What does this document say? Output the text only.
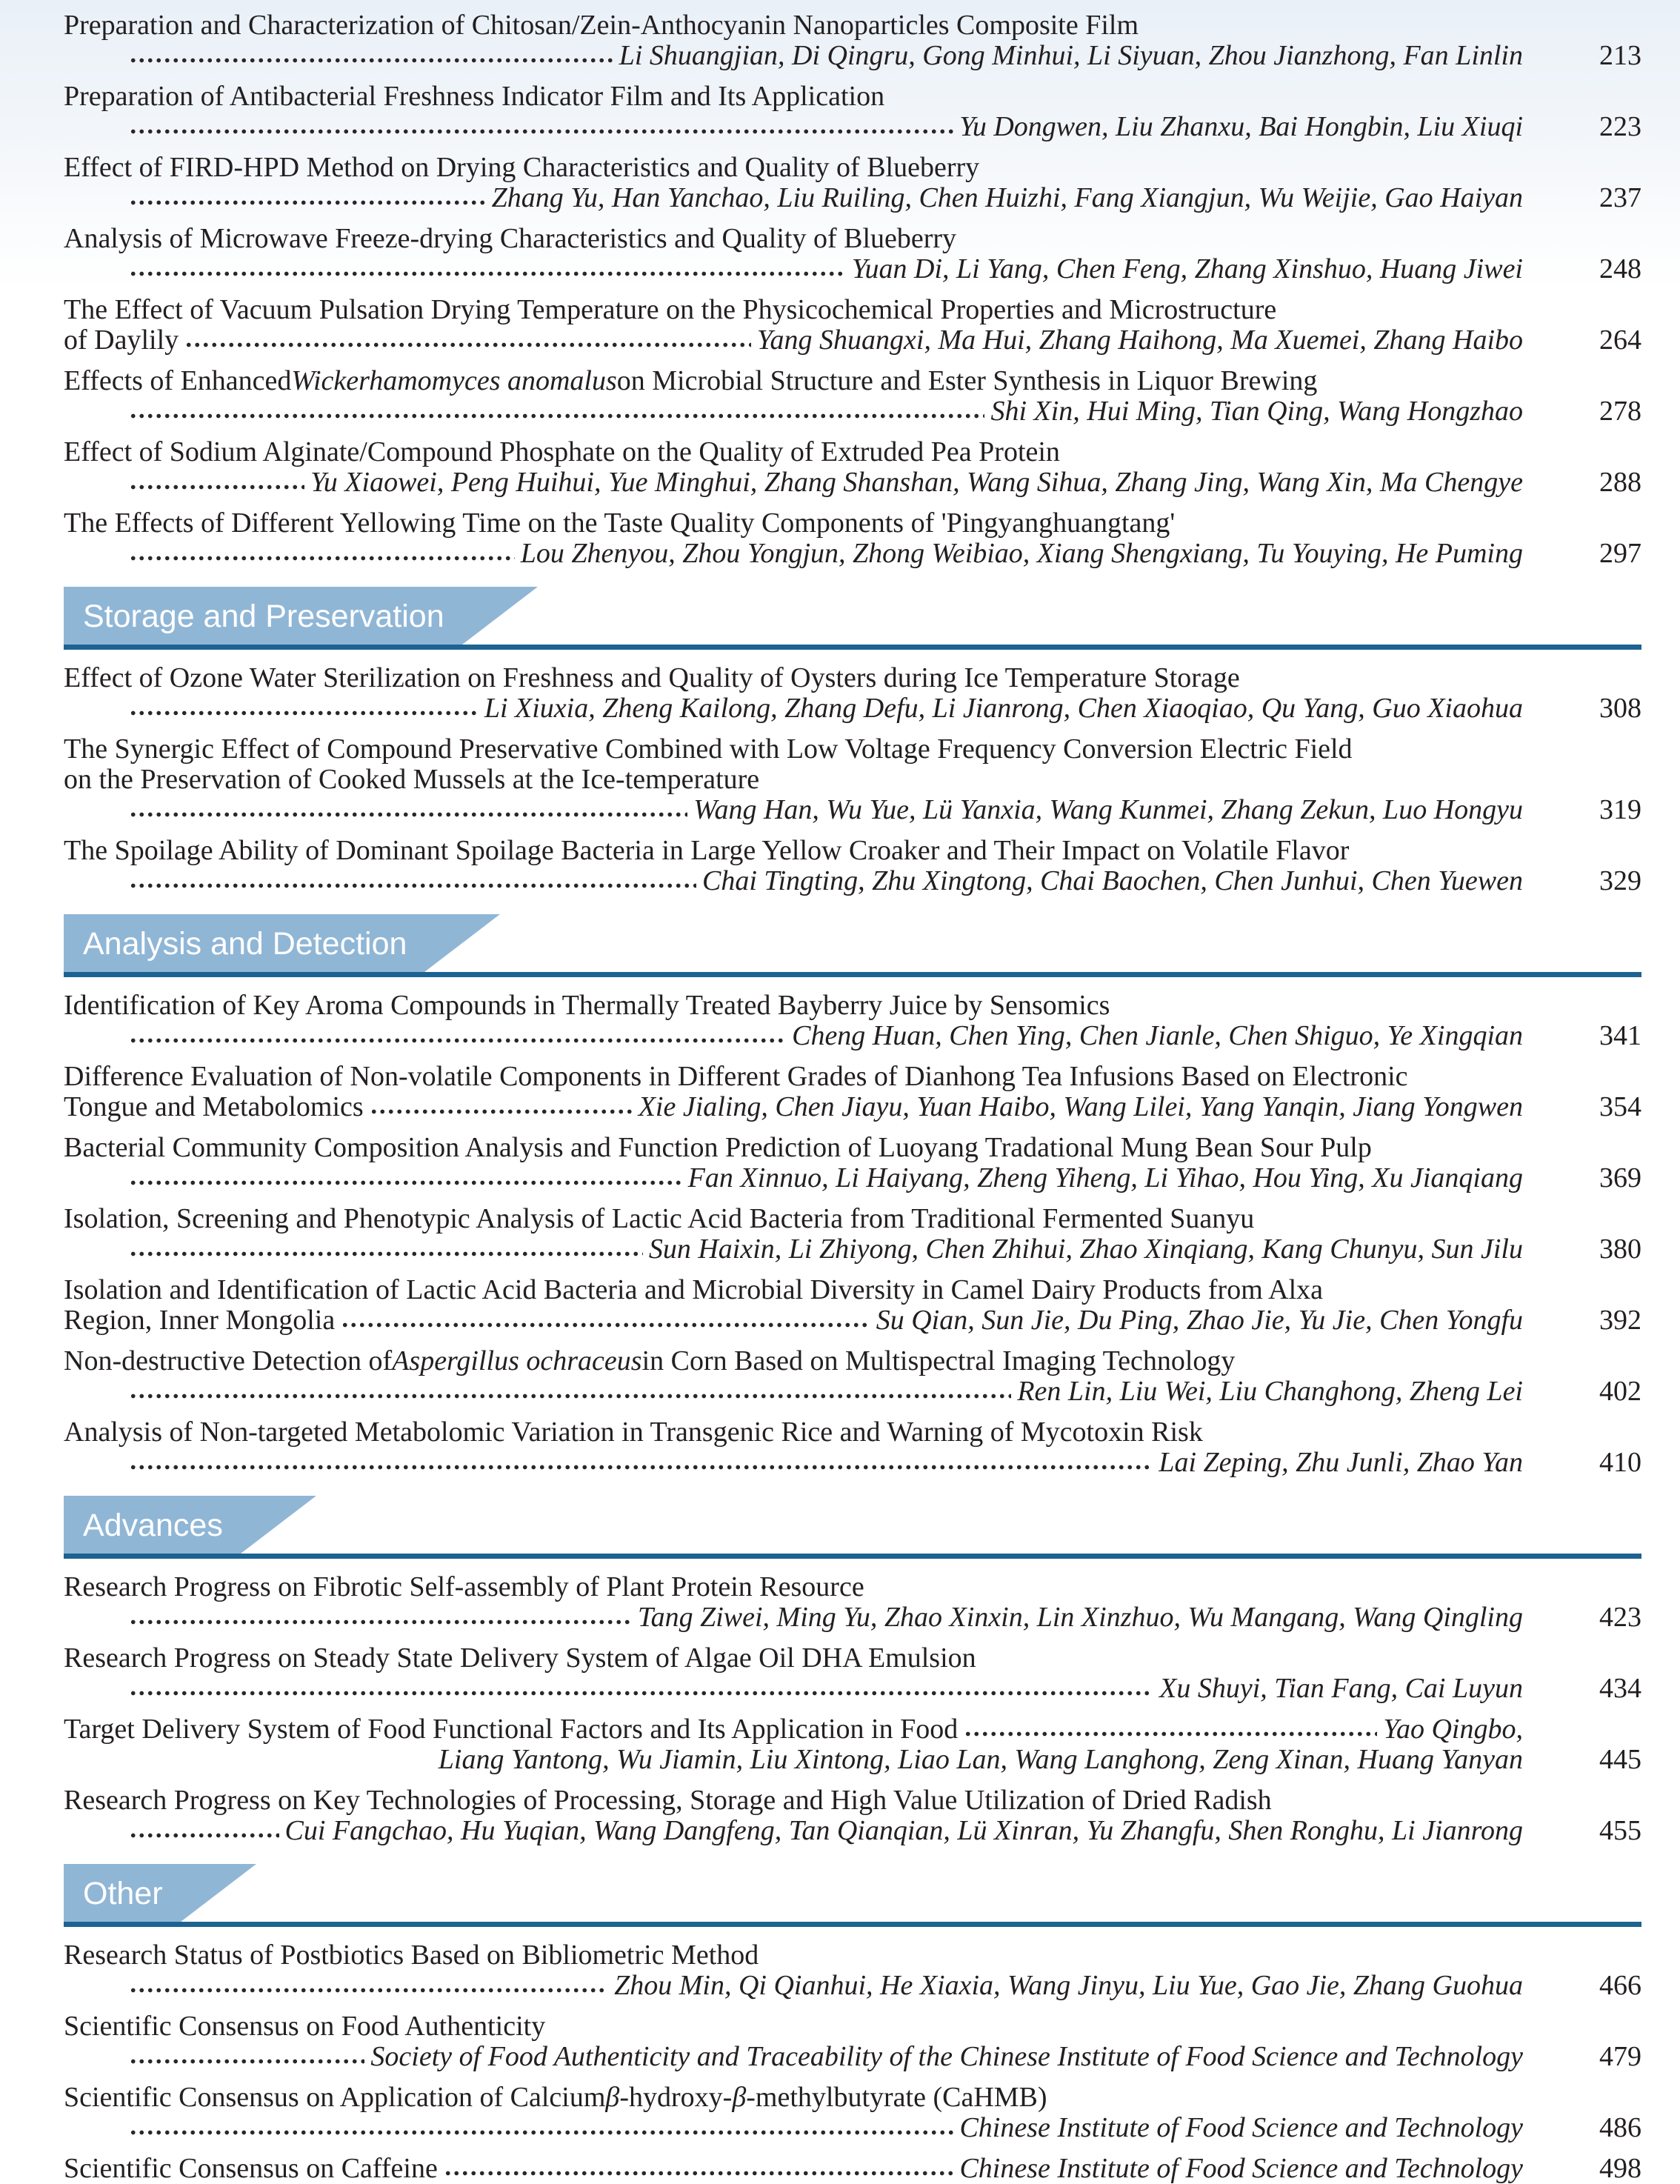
Preparation and Characterization of Chitosan/Zein-Anthocyanin Nanoparticles Composite Film
Li Shuangjian, Di Qingru, Gong Minhui, Li Siyuan, Zhou Jianzhong, Fan Linlin	213
Preparation of Antibacterial Freshness Indicator Film and Its Application
Yu Dongwen, Liu Zhanxu, Bai Hongbin, Liu Xiuqi	223
Effect of FIRD-HPD Method on Drying Characteristics and Quality of Blueberry
Zhang Yu, Han Yanchao, Liu Ruiling, Chen Huizhi, Fang Xiangjun, Wu Weijie, Gao Haiyan	237
Analysis of Microwave Freeze-drying Characteristics and Quality of Blueberry
Yuan Di, Li Yang, Chen Feng, Zhang Xinshuo, Huang Jiwei	248
The Effect of Vacuum Pulsation Drying Temperature on the Physicochemical Properties and Microstructure
of Daylily	Yang Shuangxi, Ma Hui, Zhang Haihong, Ma Xuemei, Zhang Haibo	264
Effects of Enhanced Wickerhamomyces anomalus on Microbial Structure and Ester Synthesis in Liquor Brewing
Shi Xin, Hui Ming, Tian Qing, Wang Hongzhao	278
Effect of Sodium Alginate/Compound Phosphate on the Quality of Extruded Pea Protein
Yu Xiaowei, Peng Huihui, Yue Minghui, Zhang Shanshan, Wang Sihua, Zhang Jing, Wang Xin, Ma Chengye	288
The Effects of Different Yellowing Time on the Taste Quality Components of 'Pingyanghuangtang'
Lou Zhenyou, Zhou Yongjun, Zhong Weibiao, Xiang Shengxiang, Tu Youying, He Puming	297
Storage and Preservation
Effect of Ozone Water Sterilization on Freshness and Quality of Oysters during Ice Temperature Storage
Li Xiuxia, Zheng Kailong, Zhang Defu, Li Jianrong, Chen Xiaoqiao, Qu Yang, Guo Xiaohua	308
The Synergic Effect of Compound Preservative Combined with Low Voltage Frequency Conversion Electric Field
on the Preservation of Cooked Mussels at the Ice-temperature
Wang Han, Wu Yue, Lü Yanxia, Wang Kunmei, Zhang Zekun, Luo Hongyu	319
The Spoilage Ability of Dominant Spoilage Bacteria in Large Yellow Croaker and Their Impact on Volatile Flavor
Chai Tingting, Zhu Xingtong, Chai Baochen, Chen Junhui, Chen Yuewen	329
Analysis and Detection
Identification of Key Aroma Compounds in Thermally Treated Bayberry Juice by Sensomics
Cheng Huan, Chen Ying, Chen Jianle, Chen Shiguo, Ye Xingqian	341
Difference Evaluation of Non-volatile Components in Different Grades of Dianhong Tea Infusions Based on Electronic
Tongue and Metabolomics	Xie Jialing, Chen Jiayu, Yuan Haibo, Wang Lilei, Yang Yanqin, Jiang Yongwen	354
Bacterial Community Composition Analysis and Function Prediction of Luoyang Tradational Mung Bean Sour Pulp
Fan Xinnuo, Li Haiyang, Zheng Yiheng, Li Yihao, Hou Ying, Xu Jianqiang	369
Isolation, Screening and Phenotypic Analysis of Lactic Acid Bacteria from Traditional Fermented Suanyu
Sun Haixin, Li Zhiyong, Chen Zhihui, Zhao Xinqiang, Kang Chunyu, Sun Jilu	380
Isolation and Identification of Lactic Acid Bacteria and Microbial Diversity in Camel Dairy Products from Alxa
Region, Inner Mongolia	Su Qian, Sun Jie, Du Ping, Zhao Jie, Yu Jie, Chen Yongfu	392
Non-destructive Detection of Aspergillus ochraceus in Corn Based on Multispectral Imaging Technology
Ren Lin, Liu Wei, Liu Changhong, Zheng Lei	402
Analysis of Non-targeted Metabolomic Variation in Transgenic Rice and Warning of Mycotoxin Risk
Lai Zeping, Zhu Junli, Zhao Yan	410
Advances
Research Progress on Fibrotic Self-assembly of Plant Protein Resource
Tang Ziwei, Ming Yu, Zhao Xinxin, Lin Xinzhuo, Wu Mangang, Wang Qingling	423
Research Progress on Steady State Delivery System of Algae Oil DHA Emulsion
Xu Shuyi, Tian Fang, Cai Luyun	434
Target Delivery System of Food Functional Factors and Its Application in Food	Yao Qingbo,
Liang Yantong, Wu Jiamin, Liu Xintong, Liao Lan, Wang Langhong, Zeng Xinan, Huang Yanyan	445
Research Progress on Key Technologies of Processing, Storage and High Value Utilization of Dried Radish
Cui Fangchao, Hu Yuqian, Wang Dangfeng, Tan Qianqian, Lü Xinran, Yu Zhangfu, Shen Ronghu, Li Jianrong	455
Other
Research Status of Postbiotics Based on Bibliometric Method
Zhou Min, Qi Qianhui, He Xiaxia, Wang Jinyu, Liu Yue, Gao Jie, Zhang Guohua	466
Scientific Consensus on Food Authenticity
Society of Food Authenticity and Traceability of the Chinese Institute of Food Science and Technology	479
Scientific Consensus on Application of Calcium β -hydroxy- β -methylbutyrate (CaHMB)
Chinese Institute of Food Science and Technology	486
Scientific Consensus on Caffeine	Chinese Institute of Food Science and Technology	498
